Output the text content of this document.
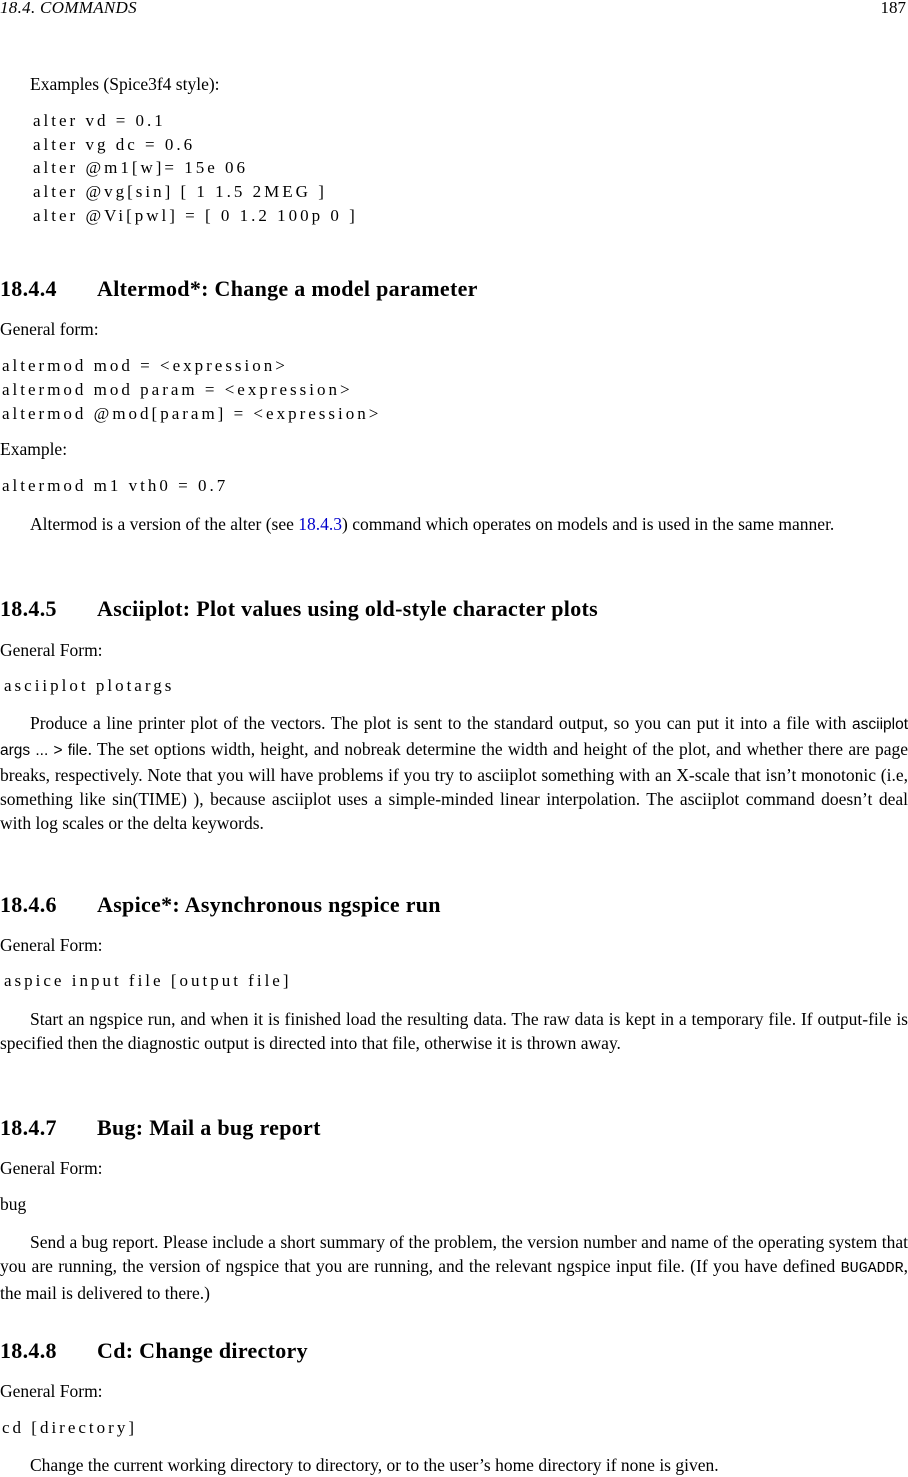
18.4. COMMANDS	187
Examples (Spice3f4 style):
alter vd = 0.1
alter vg dc = 0.6
alter @m1[w]= 15e 06
alter @vg[sin] [ 1 1.5 2MEG ]
alter @Vi[pwl] = [ 0 1.2 100p 0 ]
18.4.4 Altermod*: Change a model parameter
General form:
altermod mod = <expression>
altermod mod param = <expression>
altermod @mod[param] = <expression>
Example:
altermod m1 vth0 = 0.7
Altermod is a version of the alter (see 18.4.3) command which operates on models and is used in the same manner.
18.4.5 Asciiplot: Plot values using old-style character plots
General Form:
asciiplot plotargs
Produce a line printer plot of the vectors. The plot is sent to the standard output, so you can put it into a file with asciiplot args ... > file. The set options width, height, and nobreak determine the width and height of the plot, and whether there are page breaks, respectively. Note that you will have problems if you try to asciiplot something with an X-scale that isn’t monotonic (i.e, something like sin(TIME) ), because asciiplot uses a simple-minded linear interpolation. The asciiplot command doesn’t deal with log scales or the delta keywords.
18.4.6 Aspice*: Asynchronous ngspice run
General Form:
aspice input file [output file]
Start an ngspice run, and when it is finished load the resulting data. The raw data is kept in a temporary file. If output-file is specified then the diagnostic output is directed into that file, otherwise it is thrown away.
18.4.7 Bug: Mail a bug report
General Form:
bug
Send a bug report. Please include a short summary of the problem, the version number and name of the operating system that you are running, the version of ngspice that you are running, and the relevant ngspice input file. (If you have defined BUGADDR, the mail is delivered to there.)
18.4.8 Cd: Change directory
General Form:
cd [directory]
Change the current working directory to directory, or to the user’s home directory if none is given.
